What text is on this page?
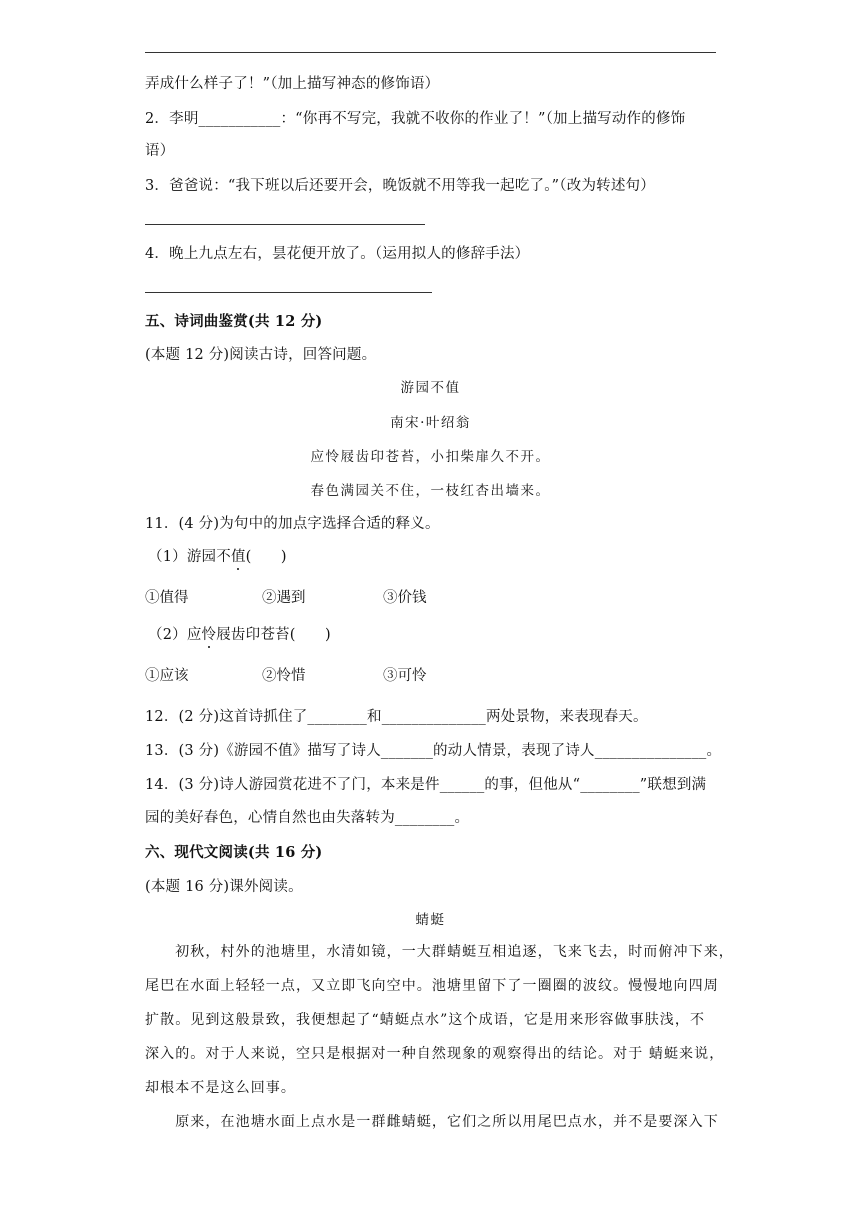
弄成什么样子了！”（加上描写神态的修饰语）
2．李明___________：“你再不写完，我就不收你的作业了！”（加上描写动作的修饰
语）
3．爸爸说：“我下班以后还要开会，晚饭就不用等我一起吃了。”（改为转述句）
4．晚上九点左右，昙花便开放了。（运用拟人的修辞手法）
五、诗词曲鉴赏(共 12 分)
(本题 12 分)阅读古诗，回答问题。
游园不值
南宋·叶绍翁
应怜屐齿印苍苔，小扣柴扉久不开。
春色满园关不住，一枝红杏出墙来。
11．(4 分)为句中的加点字选择合适的释义。
（1）游园不值(　　)
①值得	②遇到	③价钱
（2）应怜屐齿印苍苔(　　)
①应该	②怜惜	③可怜
12．(2 分)这首诗抓住了________和______________两处景物，来表现春天。
13．(3 分)《游园不值》描写了诗人_______的动人情景，表现了诗人_______________。
14．(3 分)诗人游园赏花进不了门，本来是件______的事，但他从“________”联想到满
园的美好春色，心情自然也由失落转为________。
六、现代文阅读(共 16 分)
(本题 16 分)课外阅读。
蜻蜓
　　初秋，村外的池塘里，水清如镜，一大群蜻蜓互相追逐，飞来飞去，时而俯冲下来，
尾巴在水面上轻轻一点，又立即飞向空中。池塘里留下了一圈圈的波纹。慢慢地向四周
扩散。见到这般景致，我便想起了“蜻蜓点水”这个成语，它是用来形容做事肤浅，不
深入的。对于人来说，空只是根据对一种自然现象的观察得出的结论。对于 蜻蜓来说，
却根本不是这么回事。
　　原来，在池塘水面上点水是一群雌蜻蜓，它们之所以用尾巴点水，并不是要深入下
